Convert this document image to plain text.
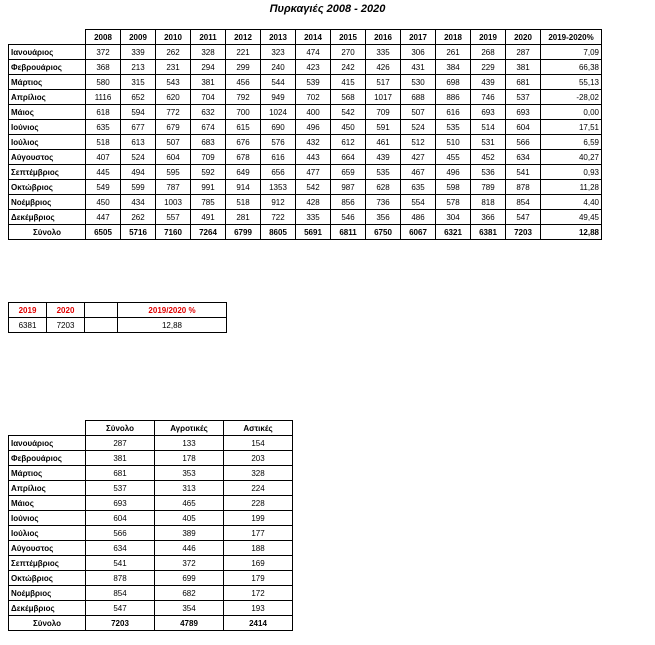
Πυρκαγιές 2008 - 2020
	2008	2009	2010	2011	2012	2013	2014	2015	2016	2017	2018	2019	2020	2019-2020%
Ιανουάριος	372	339	262	328	221	323	474	270	335	306	261	268	287	7,09
Φεβρουάριος	368	213	231	294	299	240	423	242	426	431	384	229	381	66,38
Μάρτιος	580	315	543	381	456	544	539	415	517	530	698	439	681	55,13
Απρίλιος	1116	652	620	704	792	949	702	568	1017	688	886	746	537	-28,02
Μάιος	618	594	772	632	700	1024	400	542	709	507	616	693	693	0,00
Ιούνιος	635	677	679	674	615	690	496	450	591	524	535	514	604	17,51
Ιούλιος	518	613	507	683	676	576	432	612	461	512	510	531	566	6,59
Αύγουστος	407	524	604	709	678	616	443	664	439	427	455	452	634	40,27
Σεπτέμβριος	445	494	595	592	649	656	477	659	535	467	496	536	541	0,93
Οκτώβριος	549	599	787	991	914	1353	542	987	628	635	598	789	878	11,28
Νοέμβριος	450	434	1003	785	518	912	428	856	736	554	578	818	854	4,40
Δεκέμβριος	447	262	557	491	281	722	335	546	356	486	304	366	547	49,45
Σύνολο	6505	5716	7160	7264	6799	8605	5691	6811	6750	6067	6321	6381	7203	12,88
2019	2020		2019/2020 %
6381	7203		12,88
	Σύνολο	Αγροτικές	Αστικές
Ιανουάριος	287	133	154
Φεβρουάριος	381	178	203
Μάρτιος	681	353	328
Απρίλιος	537	313	224
Μάιος	693	465	228
Ιούνιος	604	405	199
Ιούλιος	566	389	177
Αύγουστος	634	446	188
Σεπτέμβριος	541	372	169
Οκτώβριος	878	699	179
Νοέμβριος	854	682	172
Δεκέμβριος	547	354	193
Σύνολο	7203	4789	2414
